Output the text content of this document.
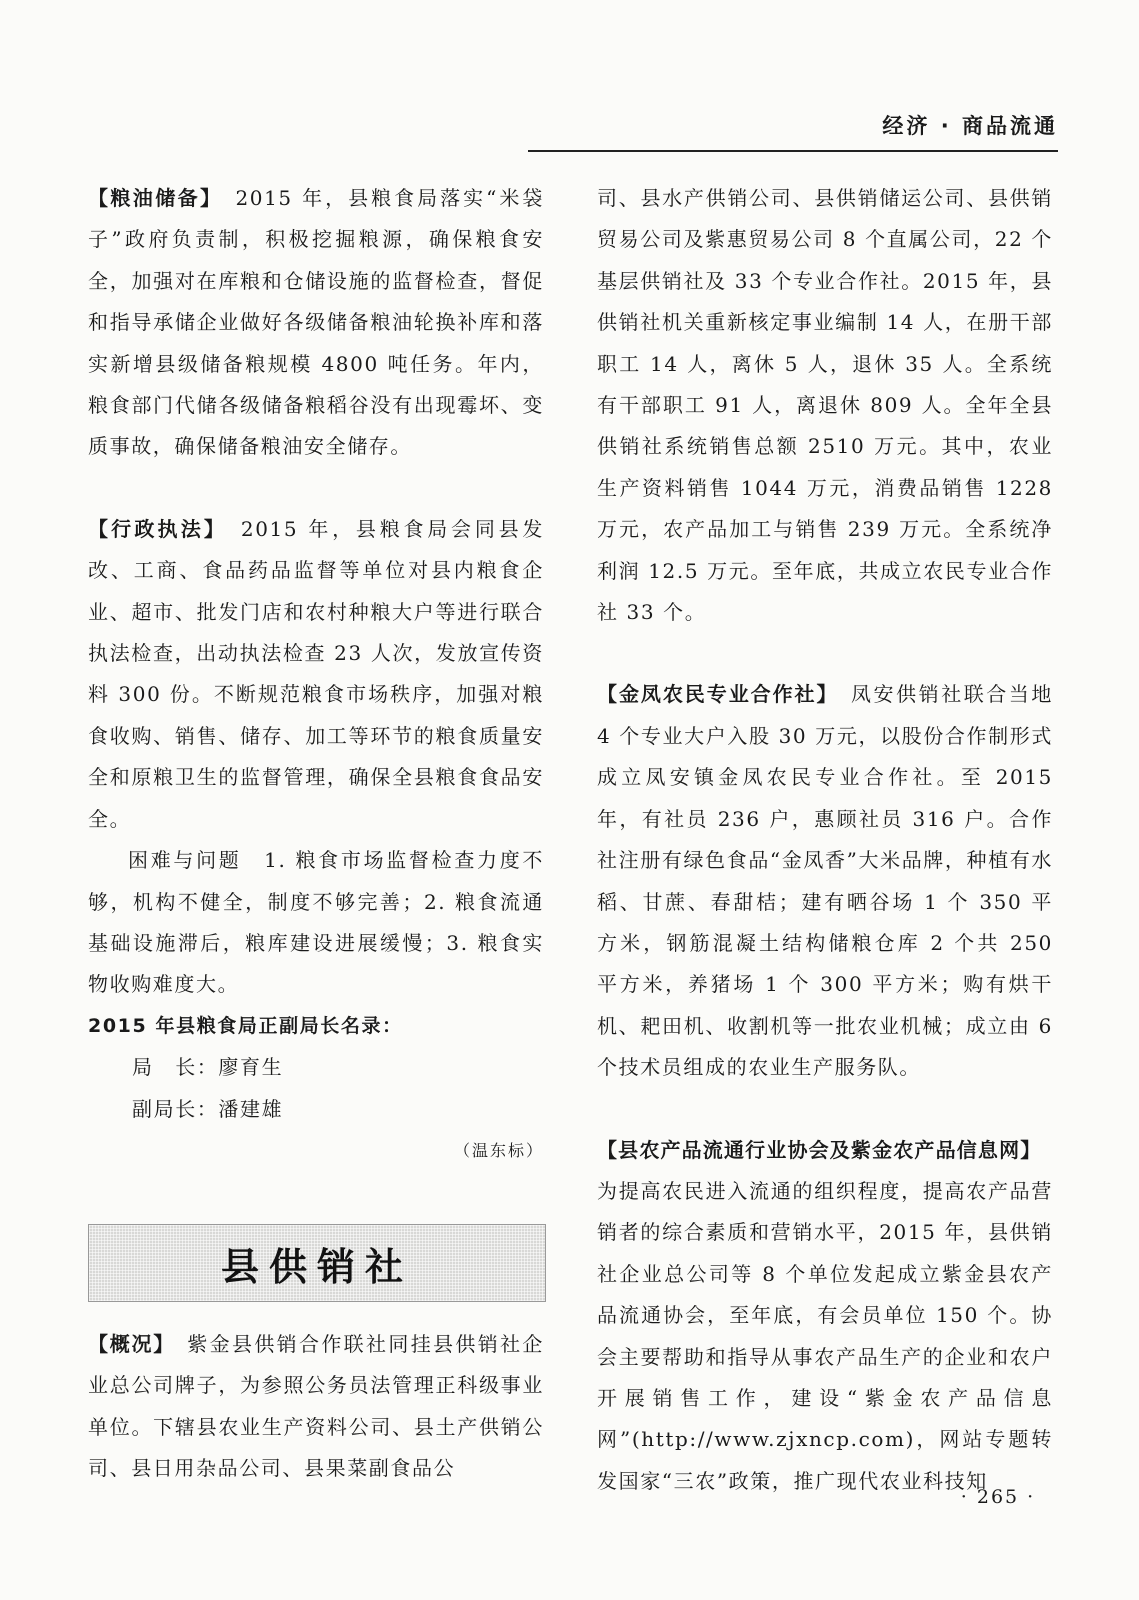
经济 · 商品流通

【粮油储备】　2015 年，县粮食局落实“米袋子”政府负责制，积极挖掘粮源，确保粮食安全，加强对在库粮和仓储设施的监督检查，督促和指导承储企业做好各级储备粮油轮换补库和落实新增县级储备粮规模 4800 吨任务。年内，粮食部门代储各级储备粮稻谷没有出现霉坏、变质事故，确保储备粮油安全储存。

【行政执法】　2015 年，县粮食局会同县发改、工商、食品药品监督等单位对县内粮食企业、超市、批发门店和农村种粮大户等进行联合执法检查，出动执法检查 23 人次，发放宣传资料 300 份。不断规范粮食市场秩序，加强对粮食收购、销售、储存、加工等环节的粮食质量安全和原粮卫生的监督管理，确保全县粮食食品安全。

困难与问题　1. 粮食市场监督检查力度不够，机构不健全，制度不够完善；2. 粮食流通基础设施滞后，粮库建设进展缓慢；3. 粮食实物收购难度大。

2015 年县粮食局正副局长名录：

局　长：廖育生

副局长：潘建雄

（温东标）

县供销社

【概况】　紫金县供销合作联社同挂县供销社企业总公司牌子，为参照公务员法管理正科级事业单位。下辖县农业生产资料公司、县土产供销公司、县日用杂品公司、县果菜副食品公

司、县水产供销公司、县供销储运公司、县供销贸易公司及紫惠贸易公司 8 个直属公司，22 个基层供销社及 33 个专业合作社。2015 年，县供销社机关重新核定事业编制 14 人，在册干部职工 14 人，离休 5 人，退休 35 人。全系统有干部职工 91 人，离退休 809 人。全年全县供销社系统销售总额 2510 万元。其中，农业生产资料销售 1044 万元，消费品销售 1228 万元，农产品加工与销售 239 万元。全系统净利润 12.5 万元。至年底，共成立农民专业合作社 33 个。

【金凤农民专业合作社】　凤安供销社联合当地 4 个专业大户入股 30 万元，以股份合作制形式成立凤安镇金凤农民专业合作社。至 2015 年，有社员 236 户，惠顾社员 316 户。合作社注册有绿色食品“金凤香”大米品牌，种植有水稻、甘蔗、春甜桔；建有晒谷场 1 个 350 平方米，钢筋混凝土结构储粮仓库 2 个共 250 平方米，养猪场 1 个 300 平方米；购有烘干机、耙田机、收割机等一批农业机械；成立由 6 个技术员组成的农业生产服务队。

【县农产品流通行业协会及紫金农产品信息网】　为提高农民进入流通的组织程度，提高农产品营销者的综合素质和营销水平，2015 年，县供销社企业总公司等 8 个单位发起成立紫金县农产品流通协会，至年底，有会员单位 150 个。协会主要帮助和指导从事农产品生产的企业和农户开展销售工作，建设“紫金农产品信息网”(http://www.zjxncp.com)，网站专题转发国家“三农”政策，推广现代农业科技知

· 265 ·
